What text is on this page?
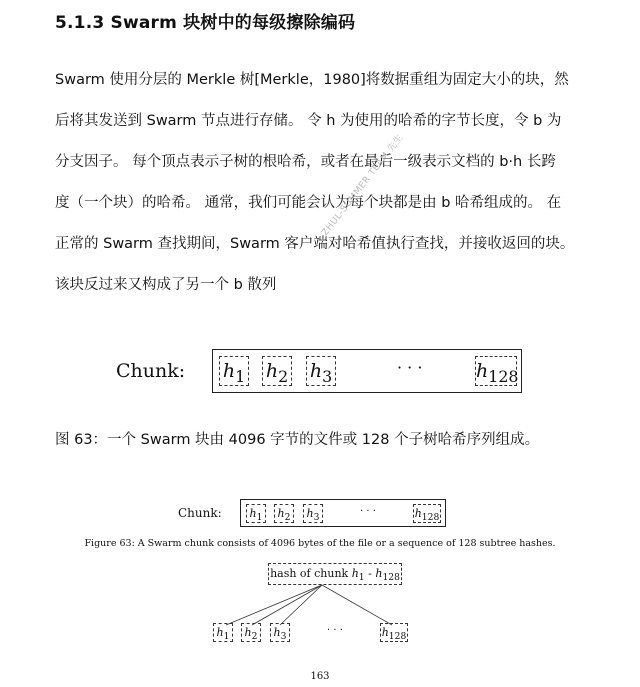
5.1.3 Swarm 块树中的每级擦除编码

Swarm 使用分层的 Merkle 树[Merkle，1980]将数据重组为固定大小的块，然
后将其发送到 Swarm 节点进行存储。 令 h 为使用的哈希的字节长度，令 b 为
分支因子。 每个顶点表示子树的根哈希，或者在最后一级表示文档的 b·h 长跨
度（一个块）的哈希。 通常，我们可能会认为每个块都是由 b 哈希组成的。 在
正常的 Swarm 查找期间，Swarm 客户端对哈希值执行查找，并接收返回的块。
该块反过来又构成了另一个 b 散列

ZHUL-SUMMER TEAM 先生
Chunk: $h_1$ $h_2$ $h_3$	· · ·	$h_{128}$
图 63：一个 Swarm 块由 4096 字节的文件或 128 个子树哈希序列组成。
Chunk:	$h_1$	$h_2$	$h_3$
· · ·	$h_{128}$
Figure 63: A Swarm chunk consists of 4096 bytes of the file or a sequence of 128 subtree hashes.
hash of chunk $h_1 - h_{128}$
$h_1$	$h_2$	$h_3$
· · ·	$h_{128}$
163
